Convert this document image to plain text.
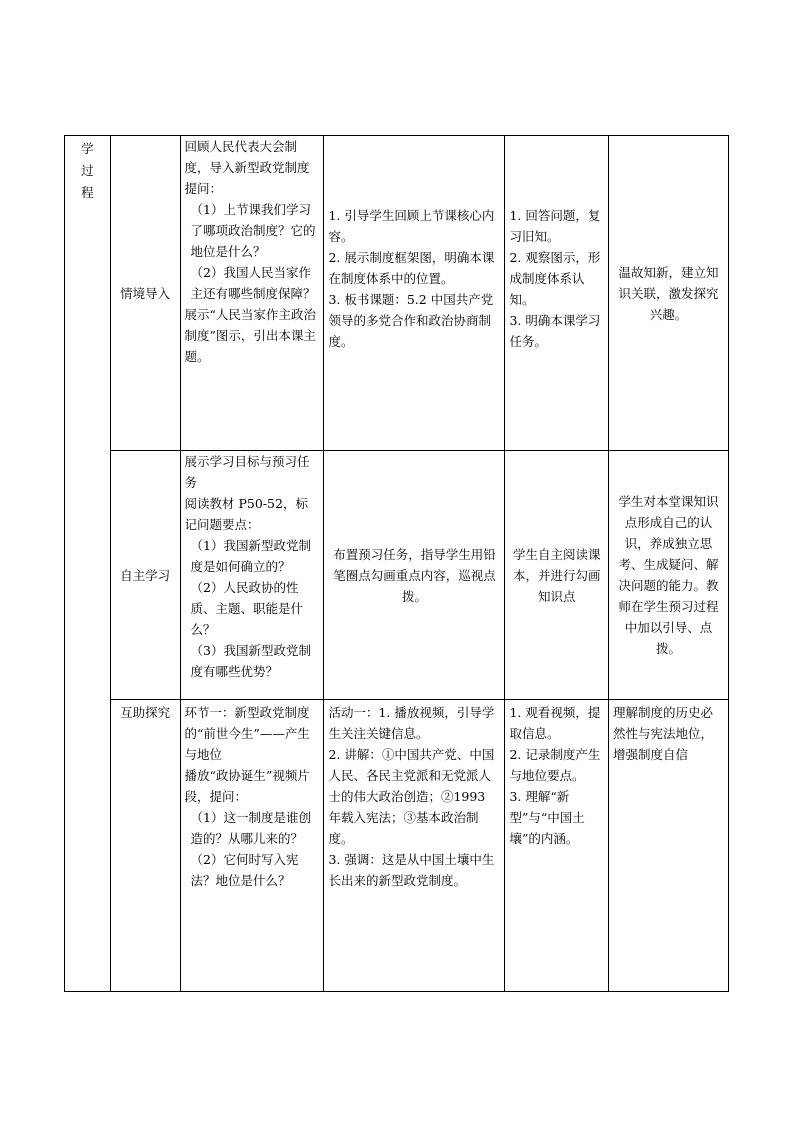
学
过
程	情境导入	回顾人民代表大会制度，导入新型政党制度
提问：
（1）上节课我们学习了哪项政治制度？它的地位是什么？
（2）我国人民当家作主还有哪些制度保障？
展示“人民当家作主政治制度”图示，引出本课主题。	1. 引导学生回顾上节课核心内容。
2. 展示制度框架图，明确本课在制度体系中的位置。
3. 板书课题：5.2 中国共产党领导的多党合作和政治协商制度。	1. 回答问题，复习旧知。
2. 观察图示，形成制度体系认知。
3. 明确本课学习任务。	温故知新，建立知识关联，激发探究兴趣。
	自主学习	展示学习目标与预习任务
阅读教材 P50-52，标记问题要点：
（1）我国新型政党制度是如何确立的？
（2）人民政协的性质、主题、职能是什么？
（3）我国新型政党制度有哪些优势？	布置预习任务，指导学生用铅笔圈点勾画重点内容，巡视点拨。	学生自主阅读课本，并进行勾画知识点	学生对本堂课知识点形成自己的认识，养成独立思考、生成疑问、解决问题的能力。教师在学生预习过程中加以引导、点拨。
	互助探究	环节一：新型政党制度的“前世今生”——产生与地位
播放“政协诞生”视频片段，提问：
（1）这一制度是谁创造的？从哪儿来的？
（2）它何时写入宪法？地位是什么？	活动一：1. 播放视频，引导学生关注关键信息。
2. 讲解：①中国共产党、中国人民、各民主党派和无党派人士的伟大政治创造；②1993 年载入宪法；③基本政治制度。
3. 强调：这是从中国土壤中生长出来的新型政党制度。	1. 观看视频，提取信息。
2. 记录制度产生与地位要点。
3. 理解“新型”与“中国土壤”的内涵。	理解制度的历史必然性与宪法地位，增强制度自信
